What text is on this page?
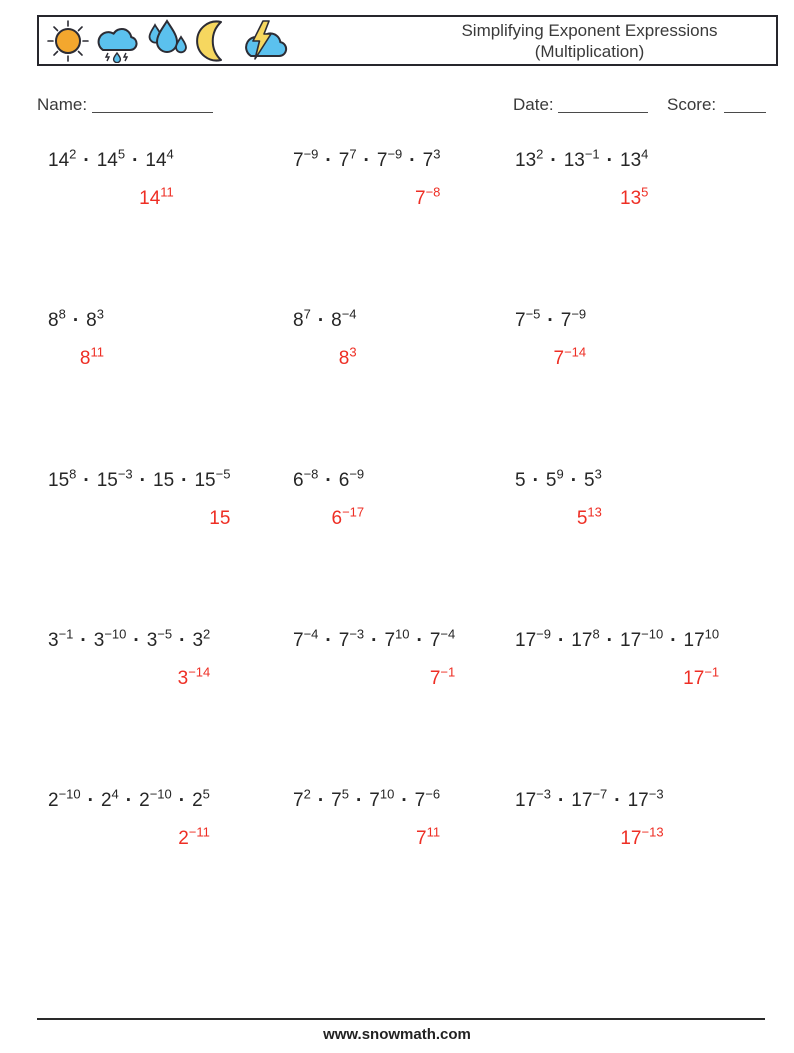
Simplifying Exponent Expressions
(Multiplication)
Name:	Date:	Score:
$14^2 \cdot 14^5 \cdot 14^4$
$14^{11}$
$7^{-9} \cdot 7^7 \cdot 7^{-9} \cdot 7^3$
$7^{-8}$
$13^2 \cdot 13^{-1} \cdot 13^4$
$13^5$
$8^8 \cdot 8^3$
$8^{11}$
$8^7 \cdot 8^{-4}$
$8^3$
$7^{-5} \cdot 7^{-9}$
$7^{-14}$
$15^8 \cdot 15^{-3} \cdot 15 \cdot 15^{-5}$
15
$6^{-8} \cdot 6^{-9}$
$6^{-17}$
$5 \cdot 5^9 \cdot 5^3$
$5^{13}$
$3^{-1} \cdot 3^{-10} \cdot 3^{-5} \cdot 3^2$
$3^{-14}$
$7^{-4} \cdot 7^{-3} \cdot 7^{10} \cdot 7^{-4}$
$7^{-1}$
$17^{-9} \cdot 17^8 \cdot 17^{-10} \cdot 17^{10}$
$17^{-1}$
$2^{-10} \cdot 2^4 \cdot 2^{-10} \cdot 2^5$
$2^{-11}$
$7^2 \cdot 7^5 \cdot 7^{10} \cdot 7^{-6}$
$7^{11}$
$17^{-3} \cdot 17^{-7} \cdot 17^{-3}$
$17^{-13}$
www.snowmath.com
